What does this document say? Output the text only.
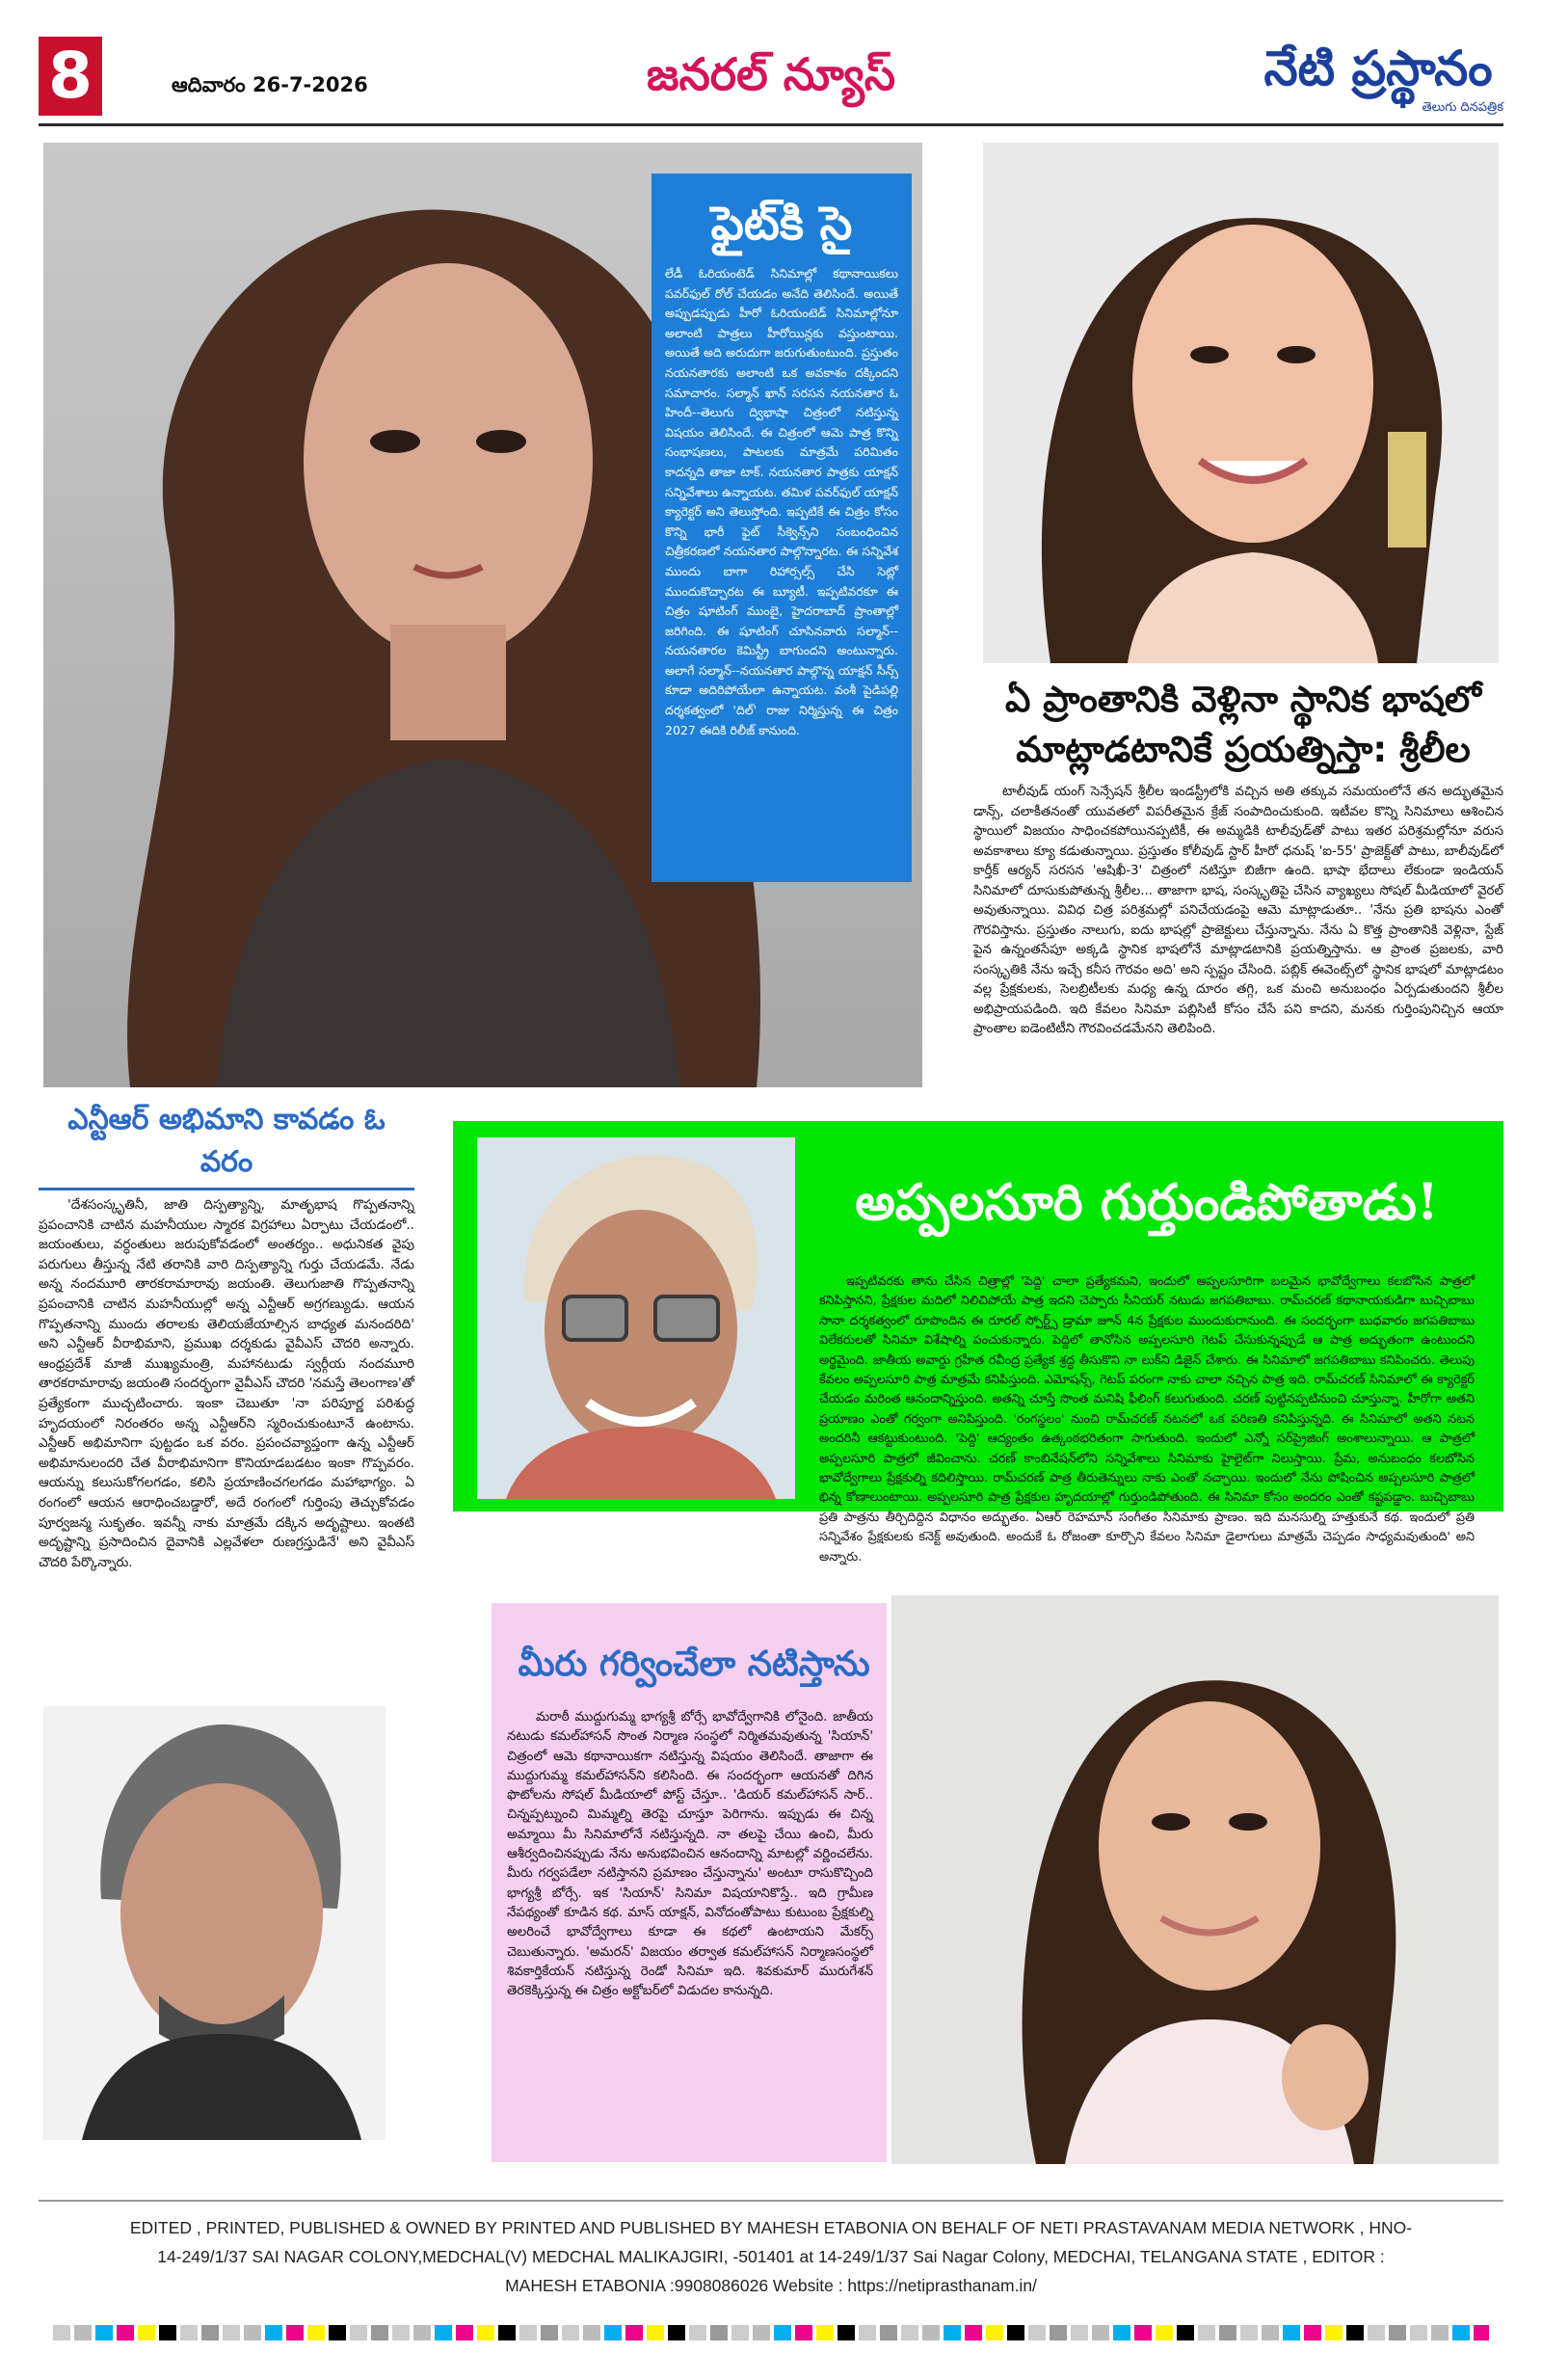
8	ఆదివారం 26-7-2026	జనరల్ న్యూస్	నేటి ప్రస్థానం
తెలుగు దినపత్రిక
ఫైట్‌కి సై

లేడీ ఓరియంటెడ్ సినిమాల్లో కథానాయికలు పవర్‌ఫుల్ రోల్ చేయడం అనేది తెలిసిందే. అయితే అప్పుడప్పుడు హీరో ఓరియంటెడ్ సినిమాల్లోనూ అలాంటి పాత్రలు హీరోయిన్లకు వస్తుంటాయి. అయితే అది అరుదుగా జరుగుతుంటుంది. ప్రస్తుతం నయనతారకు అలాంటి ఒక అవకాశం దక్కిందని సమాచారం. సల్మాన్ ఖాన్ సరసన నయనతార ఓ హిందీ--తెలుగు ద్విభాషా చిత్రంలో నటిస్తున్న విషయం తెలిసిందే. ఈ చిత్రంలో ఆమె పాత్ర కొన్ని సంభాషణలు, పాటలకు మాత్రమే పరిమితం కాదన్నది తాజా టాక్. నయనతార పాత్రకు యాక్షన్ సన్నివేశాలు ఉన్నాయట. తమిళ పవర్‌ఫుల్ యాక్షన్ క్యారెక్టర్ అని తెలుస్తోంది. ఇప్పటికే ఈ చిత్రం కోసం కొన్ని భారీ ఫైట్ సీక్వెన్స్‌ని సంబంధించిన చిత్రీకరణలో నయనతార పాల్గొన్నారట. ఈ సన్నివేశ ముందు బాగా రిహార్సల్స్ చేసి సెట్లో ముందుకొచ్చారట ఈ బ్యూటీ. ఇప్పటివరకూ ఈ చిత్రం షూటింగ్ ముంబై, హైదరాబాద్ ప్రాంతాల్లో జరిగింది. ఈ షూటింగ్ చూసినవారు సల్మాన్--నయనతారల కెమిస్ట్రీ బాగుందని అంటున్నారు. అలాగే సల్మాన్--నయనతార పాల్గొన్న యాక్షన్ సీన్స్ కూడా అదిరిపోయేలా ఉన్నాయట. వంశీ పైడిపల్లి దర్శకత్వంలో 'దిల్' రాజు నిర్మిస్తున్న ఈ చిత్రం 2027 ఈదికి రిలీజ్ కానుంది.

ఏ ప్రాంతానికి వెళ్లినా స్థానిక భాషలో మాట్లాడటానికే ప్రయత్నిస్తా: శ్రీలీల
టాలీవుడ్ యంగ్ సెన్సేషన్ శ్రీలీల ఇండస్ట్రీలోకి వచ్చిన అతి తక్కువ సమయంలోనే తన అద్భుతమైన డాన్స్, చలాకీతనంతో యువతలో విపరీతమైన క్రేజ్ సంపాదించుకుంది. ఇటీవల కొన్ని సినిమాలు ఆశించిన స్థాయిలో విజయం సాధించకపోయినప్పటికీ, ఈ అమ్మడికి టాలీవుడ్‌తో పాటు ఇతర పరిశ్రమల్లోనూ వరుస అవకాశాలు క్యూ కడుతున్నాయి. ప్రస్తుతం కోలీవుడ్ స్టార్ హీరో ధనుష్ 'ఐ-55' ప్రాజెక్ట్‌తో పాటు, బాలీవుడ్‌లో కార్తీక్ ఆర్యన్ సరసన 'ఆషిఖీ-3' చిత్రంలో నటిస్తూ బిజీగా ఉంది. భాషా భేదాలు లేకుండా ఇండియన్ సినిమాలో దూసుకుపోతున్న శ్రీలీల... తాజాగా భాష, సంస్కృతిపై చేసిన వ్యాఖ్యలు సోషల్ మీడియాలో వైరల్ అవుతున్నాయి. వివిధ చిత్ర పరిశ్రమల్లో పనిచేయడంపై ఆమె మాట్లాడుతూ.. 'నేను ప్రతి భాషను ఎంతో గౌరవిస్తాను. ప్రస్తుతం నాలుగు, ఐదు భాషల్లో ప్రాజెక్టులు చేస్తున్నాను. నేను ఏ కొత్త ప్రాంతానికి వెళ్లినా, స్టేజ్ పైన ఉన్నంతసేపూ అక్కడి స్థానిక భాషలోనే మాట్లాడటానికి ప్రయత్నిస్తాను. ఆ ప్రాంత ప్రజలకు, వారి సంస్కృతికి నేను ఇచ్చే కనీస గౌరవం అది' అని స్పష్టం చేసింది. పబ్లిక్ ఈవెంట్స్‌లో స్థానిక భాషలో మాట్లాడటం వల్ల ప్రేక్షకులకు, సెలబ్రిటీలకు మధ్య ఉన్న దూరం తగ్గి, ఒక మంచి అనుబంధం ఏర్పడుతుందని శ్రీలీల అభిప్రాయపడింది. ఇది కేవలం సినిమా పబ్లిసిటీ కోసం చేసే పని కాదని, మనకు గుర్తింపునిచ్చిన ఆయా ప్రాంతాల ఐడెంటిటీని గౌరవించడమేనని తెలిపింది.
ఎన్టీఆర్ అభిమాని కావడం ఓ వరం
'దేశసంస్కృతినీ, జాతి దిస్పత్యాన్ని, మాతృభాష గొప్పతనాన్ని ప్రపంచానికి చాటిన మహనీయుల స్మారక విగ్రహాలు ఏర్పాటు చేయడంలో.. జయంతులు, వర్ధంతులు జరుపుకోవడంలో అంతర్యం.. అధునికత వైపు పరుగులు తీస్తున్న నేటి తరానికి వారి దిస్పత్యాన్ని గుర్తు చేయడమే. నేడు అన్న నందమూరి తారకరామారావు జయంతి. తెలుగుజాతి గొప్పతనాన్ని ప్రపంచానికి చాటిన మహనీయుల్లో అన్న ఎన్టీఆర్ అగ్రగణ్యుడు. ఆయన గొప్పతనాన్ని ముందు తరాలకు తెలియజేయాల్సిన బాధ్యత మనందరిది' అని ఎన్టీఆర్ వీరాభిమాని, ప్రముఖ దర్శకుడు వైవీఎస్ చౌదరి అన్నారు. ఆంధ్రప్రదేశ్ మాజీ ముఖ్యమంత్రి, మహానటుడు స్వర్గీయ నందమూరి తారకరామారావు జయంతి సందర్భంగా వైవీఎస్ చౌదరి 'నమస్తే తెలంగాణ'తో ప్రత్యేకంగా ముచ్చటించారు. ఇంకా చెబుతూ 'నా పరిపూర్ణ పరిశుద్ధ హృదయంలో నిరంతరం అన్న ఎన్టీఆర్‌ని స్మరించుకుంటూనే ఉంటాను. ఎన్టీఆర్ అభిమానిగా పుట్టడం ఒక వరం. ప్రపంచవ్యాప్తంగా ఉన్న ఎన్టీఆర్ అభిమానులందరి చేత వీరాభిమానిగా కొనియాడబడటం ఇంకా గొప్పవరం. ఆయన్ను కలుసుకోగలగడం, కలిసి ప్రయాణించగలగడం మహాభాగ్యం. ఏ రంగంలో ఆయన ఆరాధించబడ్డారో, అదే రంగంలో గుర్తింపు తెచ్చుకోవడం పూర్వజన్మ సుకృతం. ఇవన్నీ నాకు మాత్రమే దక్కిన అదృష్టాలు. ఇంతటి అదృష్టాన్ని ప్రసాదించిన దైవానికి ఎల్లవేళలా రుణగ్రస్తుడినే' అని వైవీఎస్ చౌదరి పేర్కొన్నారు.
అప్పలసూరి గుర్తుండిపోతాడు!
ఇప్పటివరకు తాను చేసిన చిత్రాల్లో 'పెద్ది' చాలా ప్రత్యేకమని, ఇందులో అప్పలసూరిగా బలమైన భావోద్వేగాలు కలబోసిన పాత్రలో కనిపిస్తానని, ప్రేక్షకుల మదిలో నిలిచిపోయే పాత్ర ఇదని చెప్పారు సీనియర్ నటుడు జగపతిబాబు. రామ్‌చరణ్ కథానాయకుడిగా బుచ్చిబాబు సానా దర్శకత్వంలో రూపొందిన ఈ రూరల్ స్పోర్ట్స్ డ్రామా జూన్ 4న ప్రేక్షకుల ముందుకురానుంది. ఈ సందర్భంగా బుధవారం జగపతిబాబు విలేకరులతో సినిమా విశేషాల్ని పంచుకున్నారు. పెద్దిలో తానోసిన అప్పలసూరి గెటప్ చేసుకున్నప్పుడే ఆ పాత్ర అద్భుతంగా ఉంటుందని అర్థమైంది. జాతీయ అవార్డు గ్రహీత రవీంద్ర ప్రత్యేక శ్రద్ధ తీసుకొని నా లుక్‌ని డిజైన్ చేశారు. ఈ సినిమాలో జగపతిబాబు కనిపించరు. తెలుపు కేవలం అప్పలసూరి పాత్ర మాత్రమే కనిపిస్తుంది. ఎమోషన్స్, గెటప్ పరంగా నాకు చాలా నచ్చిన పాత్ర ఇది. రామ్‌చరణ్ సినిమాలో ఈ క్యారెక్టర్ చేయడం మరింత ఆనందాన్నిస్తుంది. అతన్ని చూస్తే సొంత మనిషి ఫీలింగ్ కలుగుతుంది. చరణ్ పుట్టినప్పటినుంచి చూస్తున్నా. హీరోగా అతని ప్రయాణం ఎంతో గర్వంగా అనిపిస్తుంది. 'రంగస్థలం' నుంచి రామ్‌చరణ్ నటనలో ఒక పరిణతి కనిపిస్తున్నది. ఈ సినిమాలో అతని నటన అందరినీ ఆకట్టుకుంటుంది. 'పెద్ది' ఆద్యంతం ఉత్కంఠభరితంగా సాగుతుంది. ఇందులో ఎన్నో సర్‌ప్రైజింగ్ అంశాలున్నాయి. ఆ పాత్రలో అప్పలసూరి పాత్రలో జీవించాను. చరణ్ కాంబినేషన్‌లోని సన్నివేశాలు సినిమాకు హైలైట్‌గా నిలుస్తాయి. ప్రేమ, అనుబంధం కలబోసిన భావోద్వేగాలు ప్రేక్షకుల్ని కదిలిస్తాయి. రామ్‌చరణ్ పాత్ర తీరుతెన్నులు నాకు ఎంతో నచ్చాయి. ఇందులో నేను పోషించిన అప్పలసూరి పాత్రలో భిన్న కోణాలుంటాయి. అప్పలసూరి పాత్ర ప్రేక్షకుల హృదయాల్లో గుర్తుండిపోతుంది. ఈ సినిమా కోసం అందరం ఎంతో కష్టపడ్డాం. బుచ్చిబాబు ప్రతి పాత్రను తీర్చిదిద్దిన విధానం అద్భుతం. ఏఆర్ రెహమాన్ సంగీతం సినిమాకు ప్రాణం. ఇది మనసుల్ని హత్తుకునే కథ. ఇందులో ప్రతి సన్నివేశం ప్రేక్షకులకు కనెక్ట్ అవుతుంది. అందుకే ఓ రోజంతా కూర్చొని కేవలం సినిమా డైలాగులు మాత్రమే చెప్పడం సాధ్యమవుతుంది' అని అన్నారు.
మీరు గర్వించేలా నటిస్తాను
మరాఠీ ముద్దుగుమ్మ భాగ్యశ్రీ బోర్సే భావోద్వేగానికి లోనైంది. జాతీయ నటుడు కమల్‌హాసన్ సొంత నిర్మాణ సంస్థలో నిర్మితమవుతున్న 'సియాన్' చిత్రంలో ఆమె కథానాయికగా నటిస్తున్న విషయం తెలిసిందే. తాజాగా ఈ ముద్దుగుమ్మ కమల్‌హాసన్‌ని కలిసింది. ఈ సందర్భంగా ఆయనతో దిగిన ఫొటోలను సోషల్ మీడియాలో పోస్ట్ చేస్తూ.. 'డియర్ కమల్‌హాసన్ సార్.. చిన్నప్పట్నుంచి మిమ్మల్ని తెరపై చూస్తూ పెరిగాను. ఇప్పుడు ఈ చిన్న అమ్మాయి మీ సినిమాలోనే నటిస్తున్నది. నా తలపై చేయి ఉంచి, మీరు ఆశీర్వదించినప్పుడు నేను అనుభవించిన ఆనందాన్ని మాటల్లో వర్ణించలేను. మీరు గర్వపడేలా నటిస్తానని ప్రమాణం చేస్తున్నాను' అంటూ రాసుకొచ్చింది భాగ్యశ్రీ బోర్సే. ఇక 'సియాన్' సినిమా విషయానికొస్తే.. ఇది గ్రామీణ నేపథ్యంతో కూడిన కథ. మాస్ యాక్షన్, వినోదంతోపాటు కుటుంబ ప్రేక్షకుల్ని అలరించే భావోద్వేగాలు కూడా ఈ కథలో ఉంటాయని మేకర్స్ చెబుతున్నారు. 'అమరన్' విజయం తర్వాత కమల్‌హాసన్ నిర్మాణసంస్థలో శివకార్తికేయన్ నటిస్తున్న రెండో సినిమా ఇది. శివకుమార్ మురుగేశన్ తెరకెక్కిస్తున్న ఈ చిత్రం అక్టోబర్‌లో విడుదల కానున్నది.
EDITED , PRINTED, PUBLISHED & OWNED BY PRINTED AND PUBLISHED BY MAHESH ETABONIA ON BEHALF OF NETI PRASTAVANAM MEDIA NETWORK , HNO-
14-249/1/37 SAI NAGAR COLONY,MEDCHAL(V) MEDCHAL MALIKAJGIRI, -501401 at 14-249/1/37 Sai Nagar Colony, MEDCHAI, TELANGANA STATE , EDITOR :
MAHESH ETABONIA :9908086026 Website : https://netiprasthanam.in/
